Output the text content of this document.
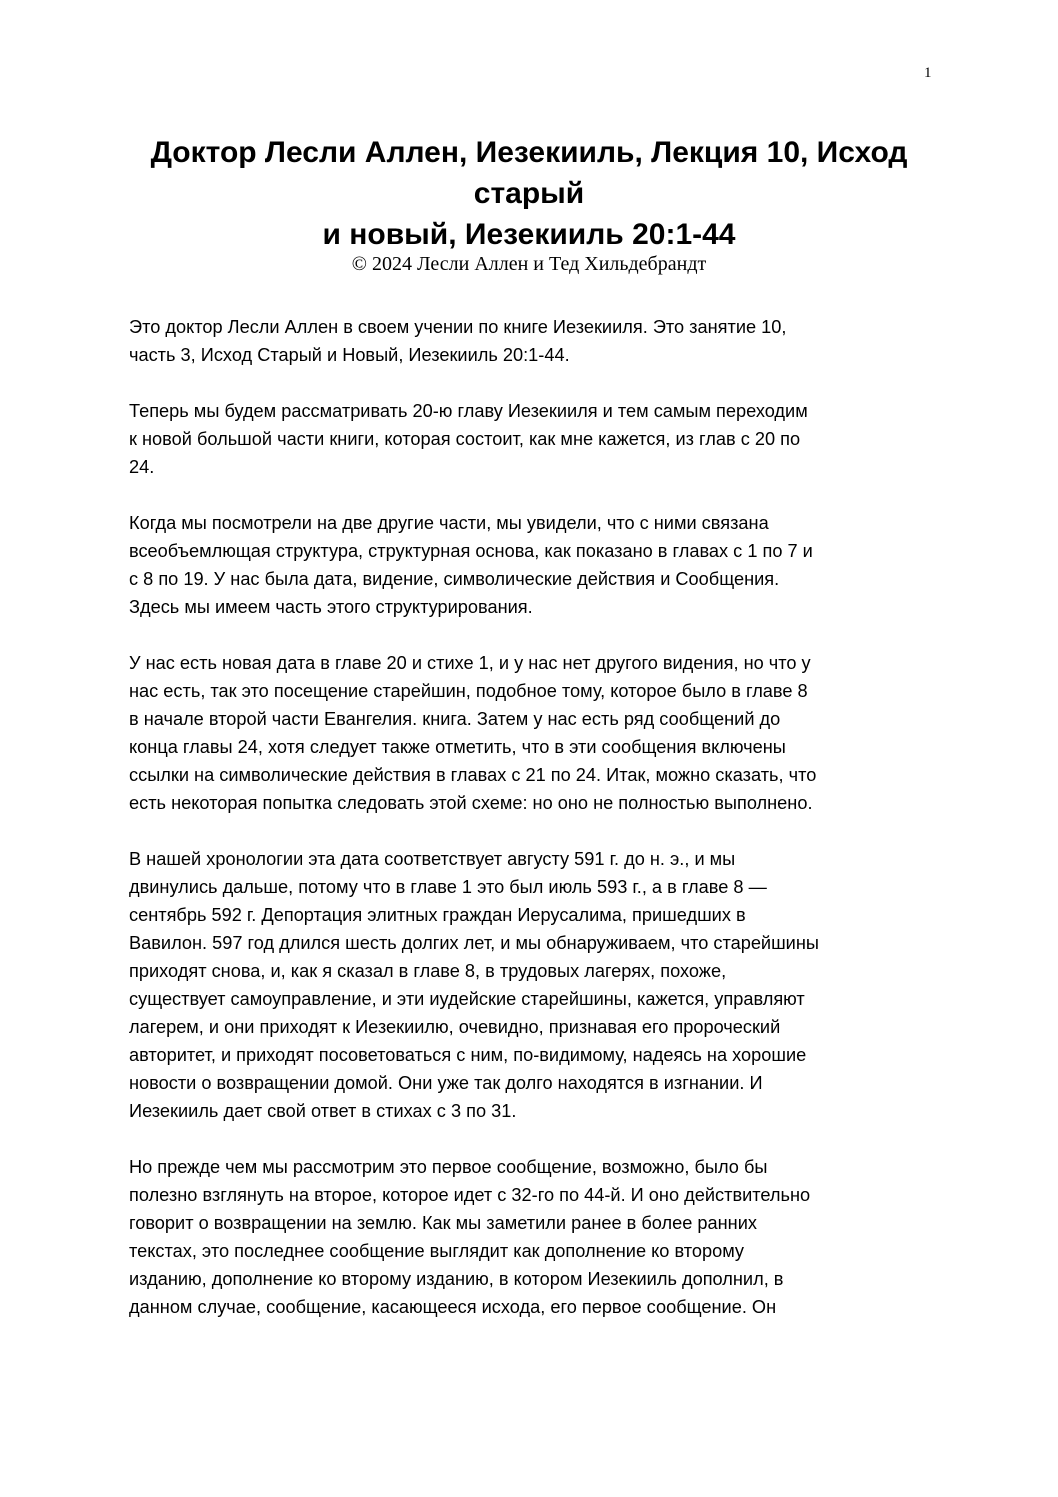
1
Доктор Лесли Аллен, Иезекииль, Лекция 10, Исход
старый
и новый, Иезекииль 20:1-44
© 2024 Лесли Аллен и Тед Хильдебрандт
Это доктор Лесли Аллен в своем учении по книге Иезекииля. Это занятие 10,
часть 3, Исход Старый и Новый, Иезекииль 20:1-44.
Теперь мы будем рассматривать 20-ю главу Иезекииля и тем самым переходим
к новой большой части книги, которая состоит, как мне кажется, из глав с 20 по
24.
Когда мы посмотрели на две другие части, мы увидели, что с ними связана
всеобъемлющая структура, структурная основа, как показано в главах с 1 по 7 и
с 8 по 19. У нас была дата, видение, символические действия и Сообщения.
Здесь мы имеем часть этого структурирования.
У нас есть новая дата в главе 20 и стихе 1, и у нас нет другого видения, но что у
нас есть, так это посещение старейшин, подобное тому, которое было в главе 8
в начале второй части Евангелия. книга. Затем у нас есть ряд сообщений до
конца главы 24, хотя следует также отметить, что в эти сообщения включены
ссылки на символические действия в главах с 21 по 24. Итак, можно сказать, что
есть некоторая попытка следовать этой схеме: но оно не полностью выполнено.
В нашей хронологии эта дата соответствует августу 591 г. до н. э., и мы
двинулись дальше, потому что в главе 1 это был июль 593 г., а в главе 8 —
сентябрь 592 г. Депортация элитных граждан Иерусалима, пришедших в
Вавилон. 597 год длился шесть долгих лет, и мы обнаруживаем, что старейшины
приходят снова, и, как я сказал в главе 8, в трудовых лагерях, похоже,
существует самоуправление, и эти иудейские старейшины, кажется, управляют
лагерем, и они приходят к Иезекиилю, очевидно, признавая его пророческий
авторитет, и приходят посоветоваться с ним, по-видимому, надеясь на хорошие
новости о возвращении домой. Они уже так долго находятся в изгнании. И
Иезекииль дает свой ответ в стихах с 3 по 31.
Но прежде чем мы рассмотрим это первое сообщение, возможно, было бы
полезно взглянуть на второе, которое идет с 32-го по 44-й. И оно действительно
говорит о возвращении на землю. Как мы заметили ранее в более ранних
текстах, это последнее сообщение выглядит как дополнение ко второму
изданию, дополнение ко второму изданию, в котором Иезекииль дополнил, в
данном случае, сообщение, касающееся исхода, его первое сообщение. Он
